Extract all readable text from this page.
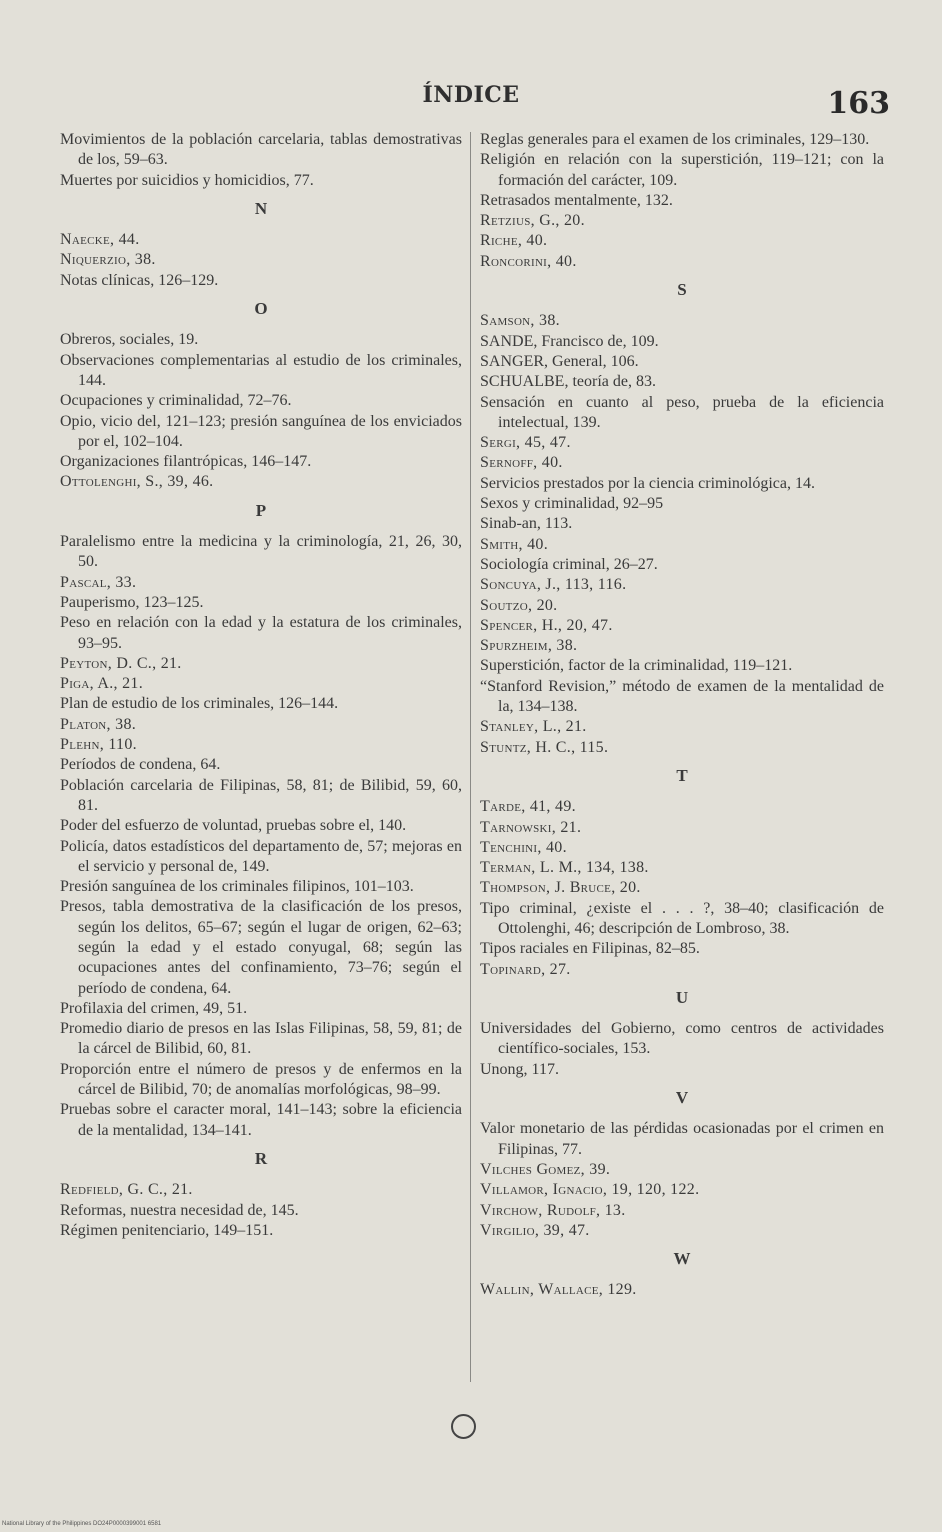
ÍNDICE	163

Movimientos de la población carcelaria, tablas demostrativas de los, 59–63.

Muertes por suicidios y homicidios, 77.

N

Naecke, 44.

Niquerzio, 38.

Notas clínicas, 126–129.

O

Obreros, sociales, 19.

Observaciones complementarias al estudio de los criminales, 144.

Ocupaciones y criminalidad, 72–76.

Opio, vicio del, 121–123; presión sanguínea de los enviciados por el, 102–104.

Organizaciones filantrópicas, 146–147.

Ottolenghi, S., 39, 46.

P

Paralelismo entre la medicina y la criminología, 21, 26, 30, 50.

Pascal, 33.

Pauperismo, 123–125.

Peso en relación con la edad y la estatura de los criminales, 93–95.

Peyton, D. C., 21.

Piga, A., 21.

Plan de estudio de los criminales, 126–144.

Platon, 38.

Plehn, 110.

Períodos de condena, 64.

Población carcelaria de Filipinas, 58, 81; de Bilibid, 59, 60, 81.

Poder del esfuerzo de voluntad, pruebas sobre el, 140.

Policía, datos estadísticos del departamento de, 57; mejoras en el servicio y personal de, 149.

Presión sanguínea de los criminales filipinos, 101–103.

Presos, tabla demostrativa de la clasificación de los presos, según los delitos, 65–67; según el lugar de origen, 62–63; según la edad y el estado conyugal, 68; según las ocupaciones antes del confinamiento, 73–76; según el período de condena, 64.

Profilaxia del crimen, 49, 51.

Promedio diario de presos en las Islas Filipinas, 58, 59, 81; de la cárcel de Bilibid, 60, 81.

Proporción entre el número de presos y de enfermos en la cárcel de Bilibid, 70; de anomalías morfológicas, 98–99.

Pruebas sobre el caracter moral, 141–143; sobre la eficiencia de la mentalidad, 134–141.

R

Redfield, G. C., 21.

Reformas, nuestra necesidad de, 145.

Régimen penitenciario, 149–151.

Reglas generales para el examen de los criminales, 129–130.

Religión en relación con la superstición, 119–121; con la formación del carácter, 109.

Retrasados mentalmente, 132.

Retzius, G., 20.

Riche, 40.

Roncorini, 40.

S

Samson, 38.

SANDE, Francisco de, 109.

SANGER, General, 106.

SCHUALBE, teoría de, 83.

Sensación en cuanto al peso, prueba de la eficiencia intelectual, 139.

Sergi, 45, 47.

Sernoff, 40.

Servicios prestados por la ciencia criminológica, 14.

Sexos y criminalidad, 92–95

Sinab-an, 113.

Smith, 40.

Sociología criminal, 26–27.

Soncuya, J., 113, 116.

Soutzo, 20.

Spencer, H., 20, 47.

Spurzheim, 38.

Superstición, factor de la criminalidad, 119–121.

“Stanford Revision,” método de examen de la mentalidad de la, 134–138.

Stanley, L., 21.

Stuntz, H. C., 115.

T

Tarde, 41, 49.

Tarnowski, 21.

Tenchini, 40.

Terman, L. M., 134, 138.

Thompson, J. Bruce, 20.

Tipo criminal, ¿existe el . . . ?, 38–40; clasificación de Ottolenghi, 46; descripción de Lombroso, 38.

Tipos raciales en Filipinas, 82–85.

Topinard, 27.

U

Universidades del Gobierno, como centros de actividades científico-sociales, 153.

Unong, 117.

V

Valor monetario de las pérdidas ocasionadas por el crimen en Filipinas, 77.

Vilches Gomez, 39.

Villamor, Ignacio, 19, 120, 122.

Virchow, Rudolf, 13.

Virgilio, 39, 47.

W

Wallin, Wallace, 129.

National Library of the Philippines DO24P0000399001 6581
